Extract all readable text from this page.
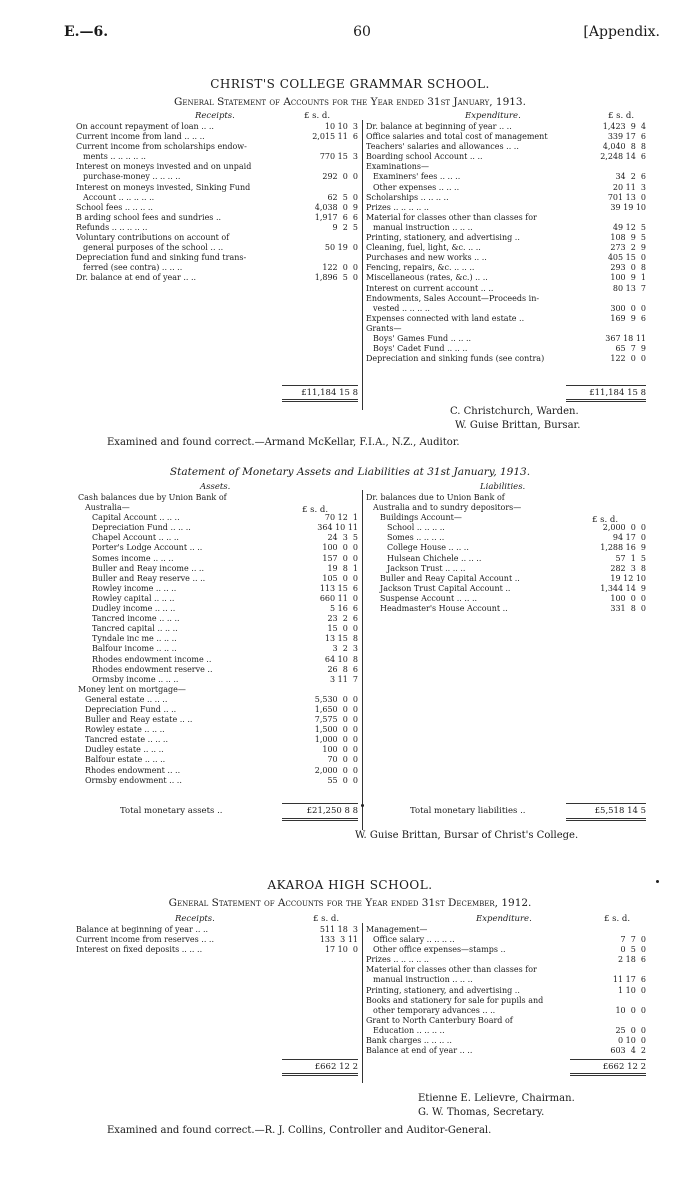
E.—6.	60	[Appendix.
CHRIST'S COLLEGE GRAMMAR SCHOOL.
General Statement of Accounts for the Year ended 31st January, 1913.
Receipts.	£ s. d.	Expenditure.	£ s. d.
On account repayment of loan .. ..	10 10  3
Current income from land .. .. ..	2,015 11  6
Current income from scholarships endow-
ments .. .. .. .. ..	770 15  3
Interest on moneys invested and on unpaid
purchase-money .. .. .. ..	292  0  0
Interest on moneys invested, Sinking Fund
Account .. .. .. .. ..	62  5  0
School fees .. .. .. ..	4,038  0  9
B arding school fees and sundries ..	1,917  6  6
Refunds .. .. .. .. ..	9  2  5
Voluntary contributions on account of
general purposes of the school .. ..	50 19  0
Depreciation fund and sinking fund trans-
ferred (see contra) .. .. ..	122  0  0
Dr. balance at end of year .. ..	1,896  5  0
Dr. balance at beginning of year .. ..	1,423  9  4
Office salaries and total cost of management	339 17  6
Teachers' salaries and allowances .. ..	4,040  8  8
Boarding school Account .. ..	2,248 14  6
Examinations—
Examiners' fees .. .. ..	34  2  6
Other expenses .. .. ..	20 11  3
Scholarships .. .. .. ..	701 13  0
Prizes .. .. .. .. ..	39 19 10
Material for classes other than classes for
manual instruction .. .. ..	49 12  5
Printing, stationery, and advertising ..	108  9  5
Cleaning, fuel, light, &c. .. ..	273  2  9
Purchases and new works .. ..	405 15  0
Fencing, repairs, &c. .. .. ..	293  0  8
Miscellaneous (rates, &c.) .. ..	100  9  1
Interest on current account .. ..	80 13  7
Endowments, Sales Account—Proceeds in-
vested .. .. .. ..	300  0  0
Expenses connected with land estate ..	169  9  6
Grants—
Boys' Games Fund .. .. ..	367 18 11
Boys' Cadet Fund .. .. ..	65  7  9
Depreciation and sinking funds (see contra)	122  0  0
£11,184 15 8	£11,184 15 8
C. Christchurch, Warden.
W. Guise Brittan, Bursar.
Examined and found correct.—Armand McKellar, F.I.A., N.Z., Auditor.
Statement of Monetary Assets and Liabilities at 31st January, 1913.
Assets.	Liabilities.
£ s. d.
£ s. d.
Cash balances due by Union Bank of
Australia—
Capital Account .. .. ..	70 12  1
Depreciation Fund .. .. ..	364 10 11
Chapel Account .. .. ..	24  3  5
Porter's Lodge Account .. ..	100  0  0
Somes income .. .. ..	157  0  0
Buller and Reay income .. ..	19  8  1
Buller and Reay reserve .. ..	105  0  0
Rowley income .. .. ..	113 15  6
Rowley capital .. .. ..	660 11  0
Dudley income .. .. ..	5 16  6
Tancred income .. .. ..	23  2  6
Tancred capital .. .. ..	15  0  0
Tyndale inc me .. .. ..	13 15  8
Balfour income .. .. ..	3  2  3
Rhodes endowment income ..	64 10  8
Rhodes endowment reserve ..	26  8  6
Ormsby income .. .. ..	3 11  7
Money lent on mortgage—
General estate .. .. ..	5,530  0  0
Depreciation Fund .. ..	1,650  0  0
Buller and Reay estate .. ..	7,575  0  0
Rowley estate .. .. ..	1,500  0  0
Tancred estate .. .. ..	1,000  0  0
Dudley estate .. .. ..	100  0  0
Balfour estate .. .. ..	70  0  0
Rhodes endowment .. ..	2,000  0  0
Ormsby endowment .. ..	55  0  0
Dr. balances due to Union Bank of
Australia and to sundry depositors—
Buildings Account—
School .. .. .. ..	2,000  0  0
Somes .. .. .. ..	94 17  0
College House .. .. ..	1,288 16  9
Hulsean Chichele .. .. ..	57  1  5
Jackson Trust .. .. ..	282  3  8
Buller and Reay Capital Account ..	19 12 10
Jackson Trust Capital Account ..	1,344 14  9
Suspense Account .. .. ..	100  0  0
Headmaster's House Account ..	331  8  0
Total monetary assets ..	£21,250 8 8	Total monetary liabilities ..	£5,518 14 5
W. Guise Brittan, Bursar of Christ's College.
AKAROA HIGH SCHOOL.
General Statement of Accounts for the Year ended 31st December, 1912.
Receipts.	£ s. d.	Expenditure.	£ s. d.
Balance at beginning of year .. ..	511 18  3
Current income from reserves .. ..	133  3 11
Interest on fixed deposits .. .. ..	17 10  0
Management—
Office salary .. .. .. ..	7  7  0
Other office expenses—stamps ..	0  5  0
Prizes .. .. .. .. ..	2 18  6
Material for classes other than classes for
manual instruction .. .. ..	11 17  6
Printing, stationery, and advertising ..	1 10  0
Books and stationery for sale for pupils and
other temporary advances .. ..	10  0  0
Grant to North Canterbury Board of
Education .. .. .. ..	25  0  0
Bank charges .. .. .. ..	0 10  0
Balance at end of year .. ..	603  4  2
£662 12 2	£662 12 2
Etienne E. Lelievre, Chairman.
G. W. Thomas, Secretary.
Examined and found correct.—R. J. Collins, Controller and Auditor-General.
